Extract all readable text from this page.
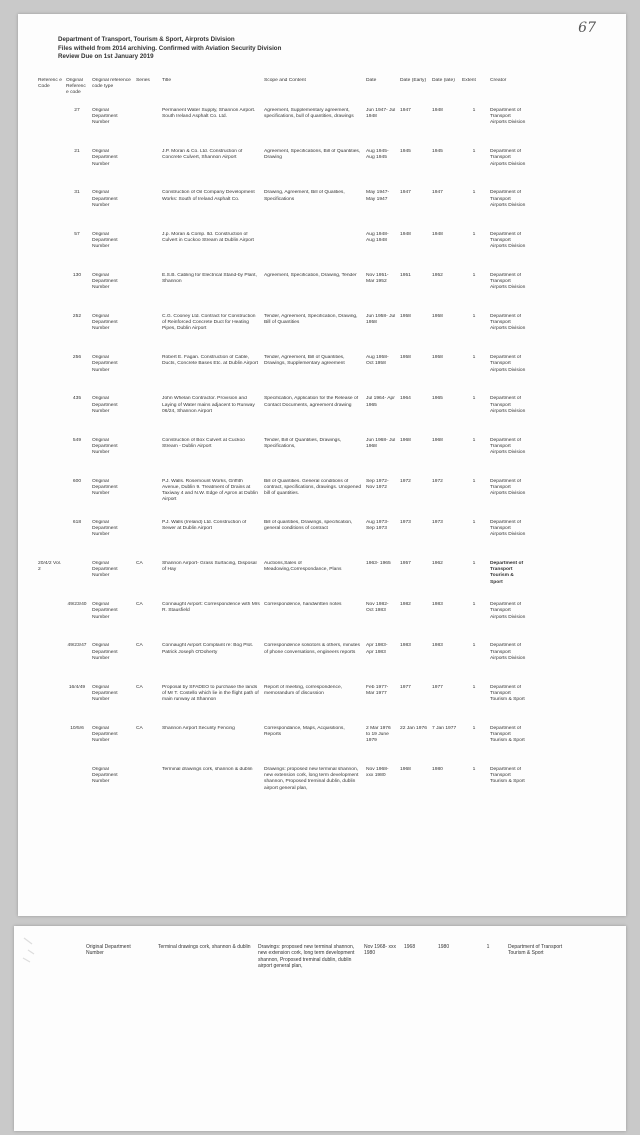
67
Department of Transport, Tourism & Sport, Airprots Division
Files witheld from 2014 archiving. Confirmed with Aviation Security Division
Review Due on 1st January 2019
Referenc e Code	Original Referenc e code	Original reference code type	Series	Title	Scope and Content	Date	Date (Early)	Date (late)	Extent	Creator
	27	Original Department Number		Permanent Water Supply, Shannon Airport. South Ireland Asphalt Co. Ltd.	Agreement, Supplementary agreement, specifications, bull of quantities, drawings	Jun 1947- Jul 1948	1947	1948	1	Department of Transport Airports Division
	21	Original Department Number		J.P. Moran & Co. Ltd. Construction of Concrete Culvert, Shannon Airport	Agreement, Specifications, Bill of Quantities, Drawing	Aug 1945- Aug 1945	1945	1945	1	Department of Transport Airports Division
	31	Original Department Number		Construction of Oil Company Development Works: South of Ireland Asphalt Co.	Drawing, Agreement, Bill of Qualities, Specifications	May 1947- May 1947	1947	1947	1	Department of Transport Airports Division
	57	Original Department Number		J.p. Moran & Comp. ltd. Construction of Culvert in Cuckoo Stream at Dublin Airport		Aug 1948- Aug 1948	1948	1948	1	Department of Transport Airports Division
	130	Original Department Number		E.S.B. Cabling for Electrical Stand-by Plant, Shannon	Agreement, Specification, Drawing, Tender	Nov 1951- Mar 1952	1951	1952	1	Department of Transport Airports Division
	252	Original Department Number		C.G. Cooney Ltd. Contract for Construction of Reinforced Concrete Duct for Heating Pipes, Dublin Airport	Tender, Agreement, Specification, Drawing, Bill of Quantities	Jun 1958- Jul 1958	1958	1958	1	Department of Transport Airports Division
	256	Original Department Number		Robert E. Fagan. Construction of Cable, Ducts, Concrete Bases Etc. at Dublin Airport	Tender, Agreement, Bill of Quantities, Drawings, Supplementary agreement	Aug 1958- Oct 1958	1958	1958	1	Department of Transport Airports Division
	435	Original Department Number		John Whelan Contractor. Provision and Laying of Water mains adjacent to Runway 06/24, Shannon Airport	Specification, Application for the Release of Contact Documents, agreement drawing	Jul 1964- Apr 1965	1964	1965	1	Department of Transport Airports Division
	549	Original Department Number		Construction of Box Culvert at Cuckoo Stream - Dublin Airport	Tender, Bill of Quantities, Drawings, Specifications,	Jun 1968- Jul 1968	1968	1968	1	Department of Transport Airports Division
	600	Original Department Number		P.J. Walls. Rosemount Works, Griffith Avenue, Dublin 9. Treatment of Drains at Taxiway 4 and N.W. Edge of Apron at Dublin Airport	Bill of Quantities. General conditions of contract, specifications, drawings. Unopened bill of quantities.	Sep 1972- Nov 1972	1972	1972	1	Department of Transport Airports Division
	618	Original Department Number		P.J. Walls (Ireland) Ltd. Construction of Sewer at Dublin Airport	Bill of quantities, Drawings, specification, general conditions of contract	Aug 1973- Sep 1973	1973	1973	1	Department of Transport Airports Division
20/4/2 Vol. 2		Original Department Number	CA	Shannon Airport- Grass Surfacing, Disposal of Hay	Auctions,Sales of Meadowing,Correspondance, Plans	1963- 1965	1957	1962	1	Department of Transport Tourism & Sport
	49/23/40	Original Department Number	CA	Connaught Airport: Correspondence with Mrs R. Stausfield	Correspondence, handwritten notes	Nov 1982- Oct 1983	1982	1983	1	Department of Transport Airports Division
	49/23/47	Original Department Number	CA	Connaught Airport Complaint re: Bog Plot. Patrick Joseph O'Doherty	Correspondence solicitors & others, minutes of phone conversations, engineers reports	Apr 1983- Apr 1983	1983	1983	1	Department of Transport Airports Division
	16/4/49	Original Department Number	CA	Proposal by SFADEO to purchase the lands of Mr T. Costello which lie in the flight path of main runway at Shannon	Report of meeting, correspondence, memorandum of discussion	Feb 1977- Mar 1977	1977	1977	1	Department of Transport Tourism & Sport
	10/5/6	Original Department Number	CA	Shannon Airport Security Fencing	Correspondance, Maps, Acquisitions, Reports	2 Mar 1976 to 19 June 1979	22 Jan 1976	7 Jan 1977	1	Department of Transport Tourism & Sport
		Original Department Number		Terminal drawings cork, shannon & dublin	Drawings: proposed new terminal shannon, new extension cork, long term development shannon, Proposed treminal dublin, dublin airport general plan,	Nov 1968- xxx 1980	1968	1980	1	Department of Transport Tourism & Sport
	Original Department Number		Terminal drawings cork, shannon & dublin	Drawings: proposed new terminal shannon, new extension cork, long term development shannon, Proposed treminal dublin, dublin airport general plan,	Nov 1968- xxx 1980	1968	1980	1	Department of Transport Tourism & Sport
